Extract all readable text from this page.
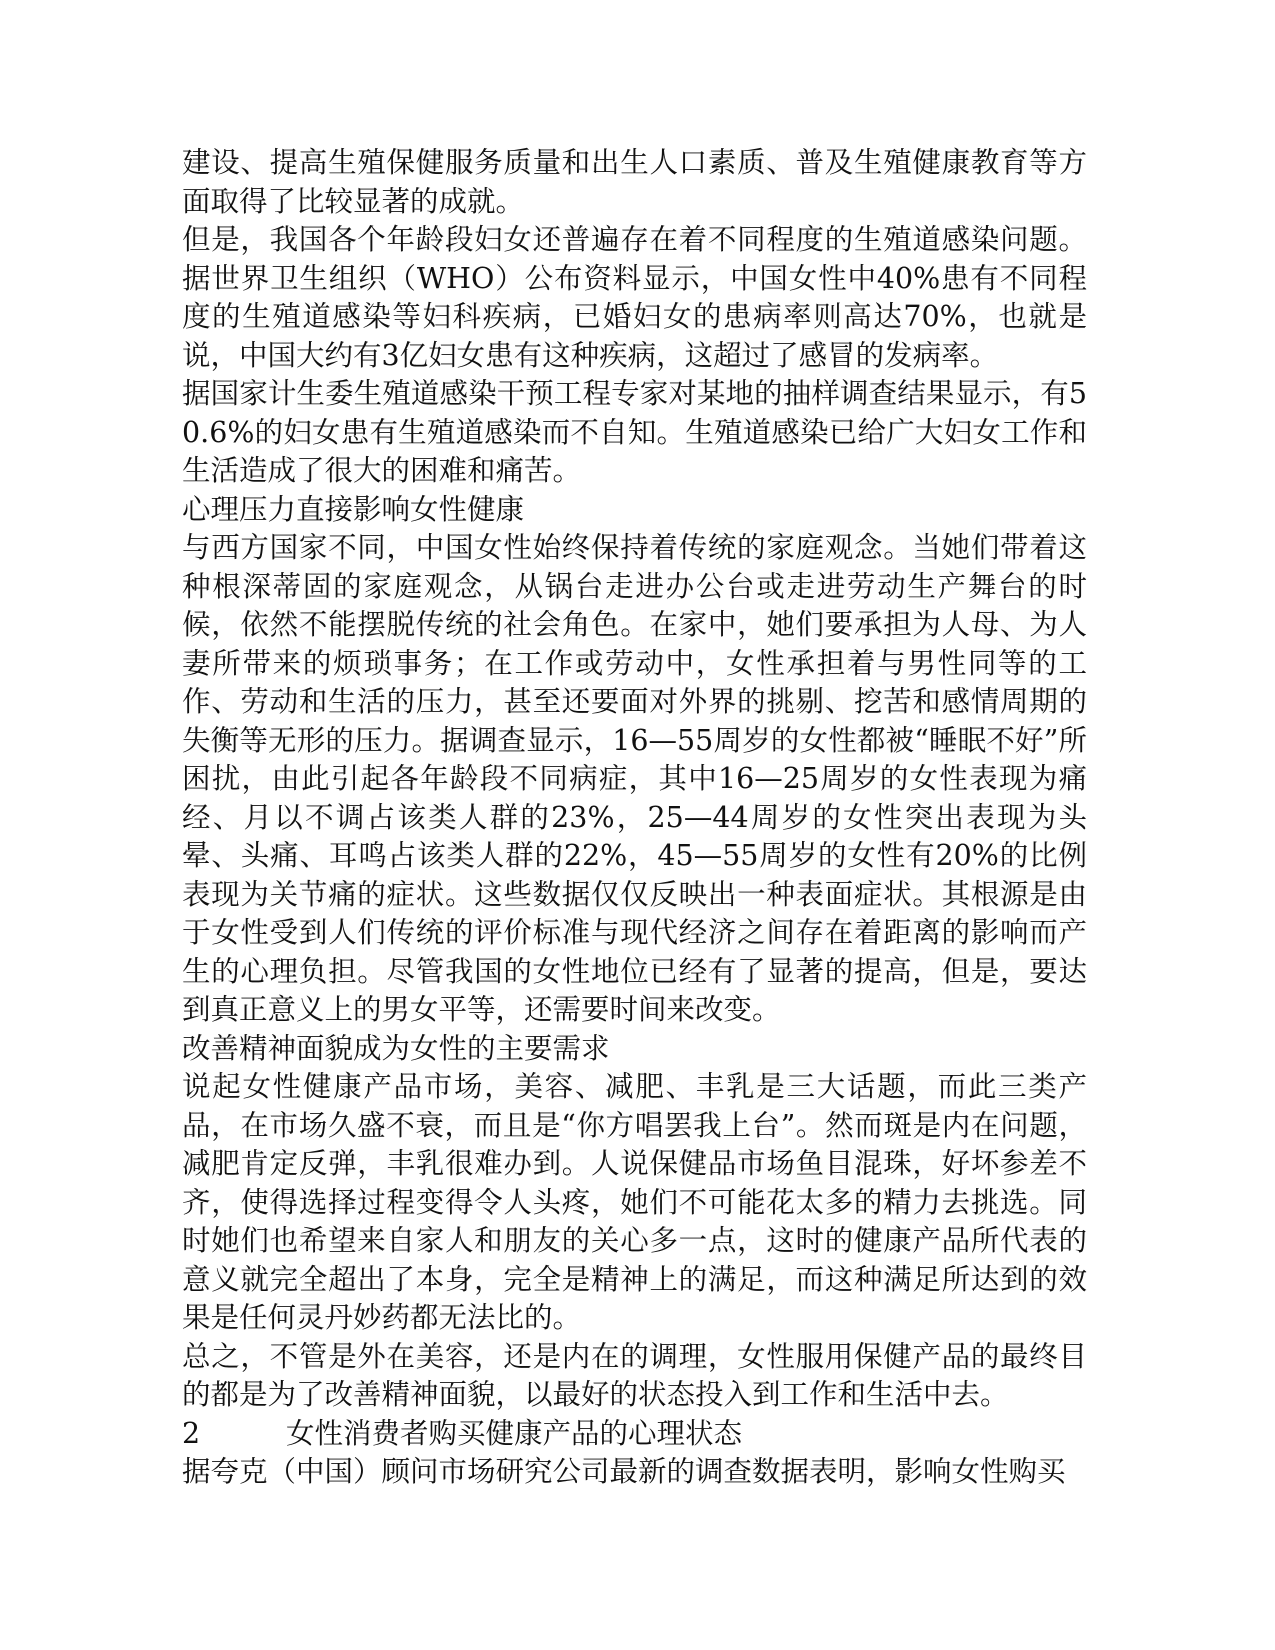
建设、提高生殖保健服务质量和出生人口素质、普及生殖健康教育等方面取得了比较显著的成就。

但是，我国各个年龄段妇女还普遍存在着不同程度的生殖道感染问题。据世界卫生组织（WHO）公布资料显示，中国女性中40%患有不同程度的生殖道感染等妇科疾病，已婚妇女的患病率则高达70%，也就是说，中国大约有3亿妇女患有这种疾病，这超过了感冒的发病率。

据国家计生委生殖道感染干预工程专家对某地的抽样调查结果显示，有50.6%的妇女患有生殖道感染而不自知。生殖道感染已给广大妇女工作和生活造成了很大的困难和痛苦。

心理压力直接影响女性健康

与西方国家不同，中国女性始终保持着传统的家庭观念。当她们带着这种根深蒂固的家庭观念，从锅台走进办公台或走进劳动生产舞台的时候，依然不能摆脱传统的社会角色。在家中，她们要承担为人母、为人妻所带来的烦琐事务；在工作或劳动中，女性承担着与男性同等的工作、劳动和生活的压力，甚至还要面对外界的挑剔、挖苦和感情周期的失衡等无形的压力。据调查显示，16—55周岁的女性都被“睡眠不好”所困扰，由此引起各年龄段不同病症，其中16—25周岁的女性表现为痛经、月以不调占该类人群的23%，25—44周岁的女性突出表现为头晕、头痛、耳鸣占该类人群的22%，45—55周岁的女性有20%的比例表现为关节痛的症状。这些数据仅仅反映出一种表面症状。其根源是由于女性受到人们传统的评价标准与现代经济之间存在着距离的影响而产生的心理负担。尽管我国的女性地位已经有了显著的提高，但是，要达到真正意义上的男女平等，还需要时间来改变。

改善精神面貌成为女性的主要需求

说起女性健康产品市场，美容、减肥、丰乳是三大话题，而此三类产品，在市场久盛不衰，而且是“你方唱罢我上台”。然而斑是内在问题，减肥肯定反弹，丰乳很难办到。人说保健品市场鱼目混珠，好坏参差不齐，使得选择过程变得令人头疼，她们不可能花太多的精力去挑选。同时她们也希望来自家人和朋友的关心多一点，这时的健康产品所代表的意义就完全超出了本身，完全是精神上的满足，而这种满足所达到的效果是任何灵丹妙药都无法比的。

总之，不管是外在美容，还是内在的调理，女性服用保健产品的最终目的都是为了改善精神面貌，以最好的状态投入到工作和生活中去。

2	女性消费者购买健康产品的心理状态

据夸克（中国）顾问市场研究公司最新的调查数据表明，影响女性购买
